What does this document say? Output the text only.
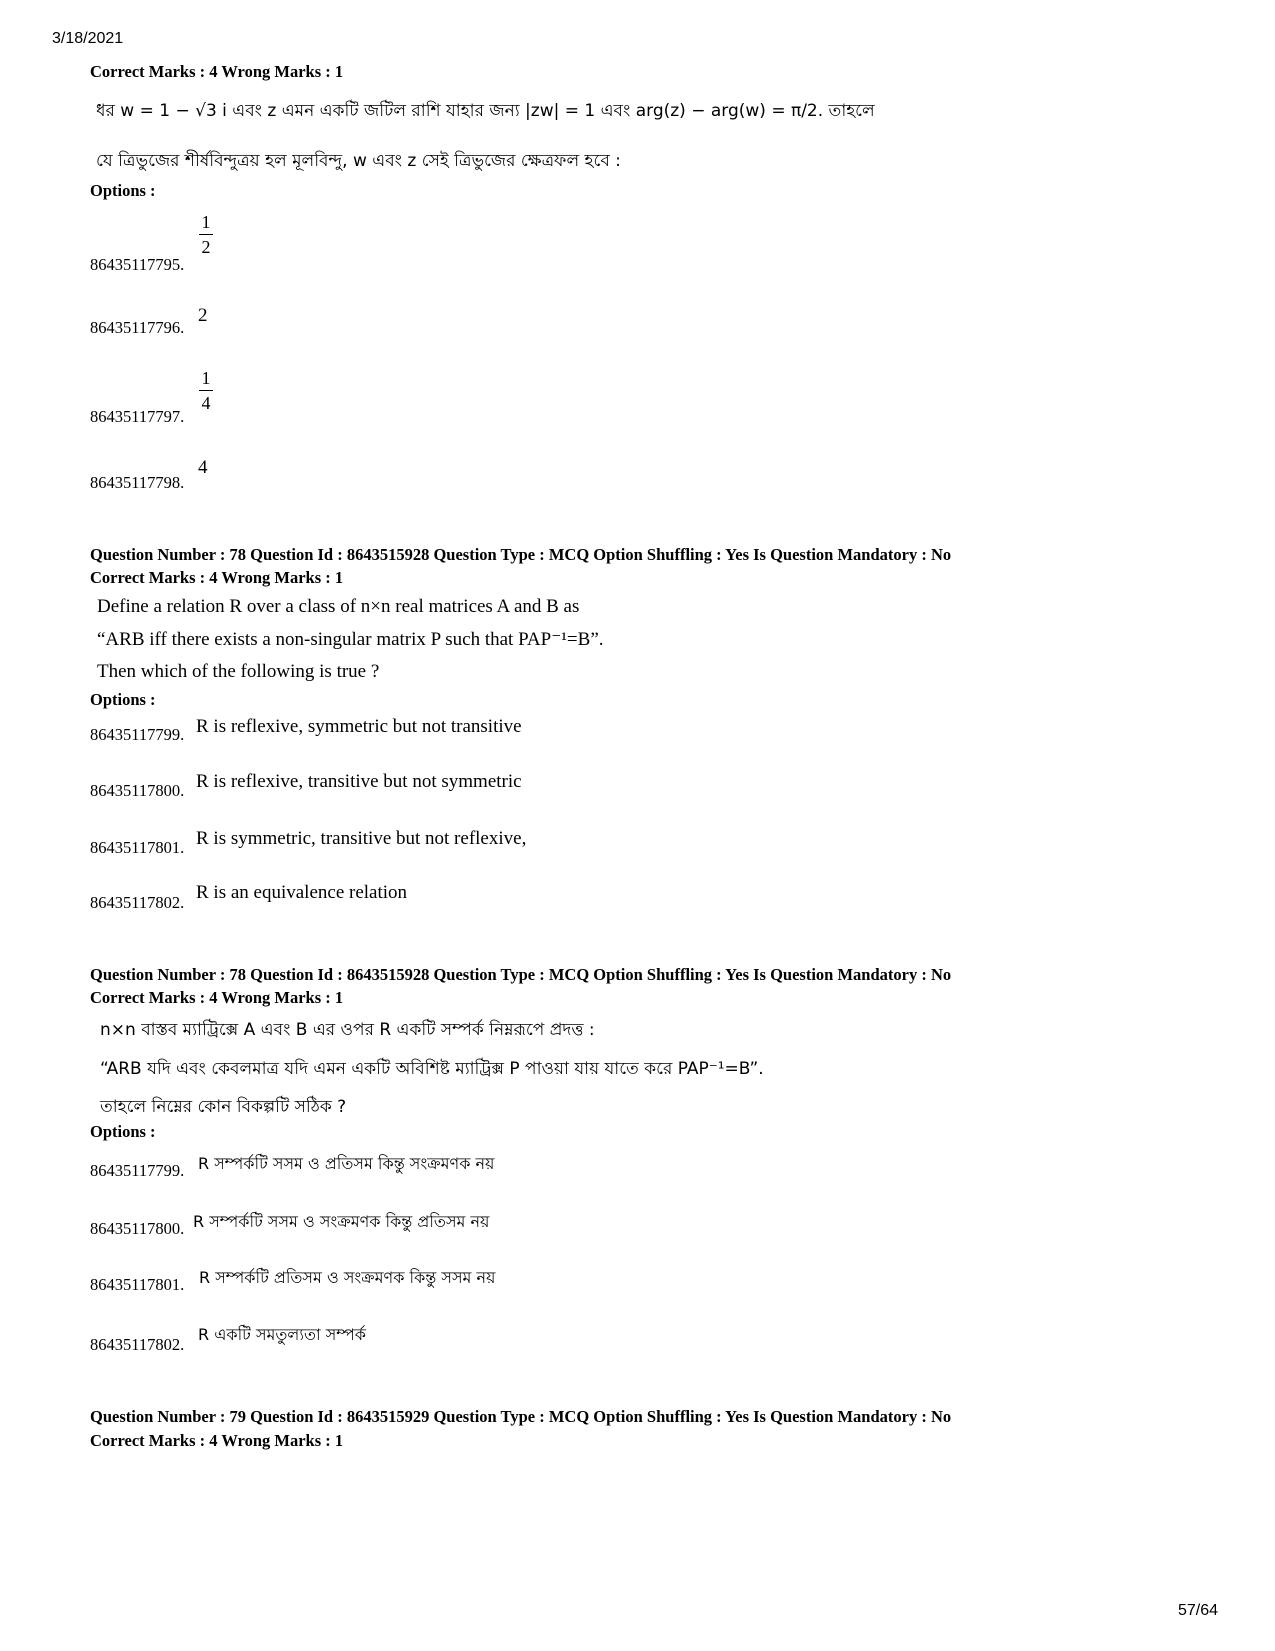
3/18/2021
Correct Marks : 4 Wrong Marks : 1
ধর w = 1 − √3 i এবং z এমন একটি জটিল রাশি যাহার জন্য |zw| = 1 এবং arg(z) − arg(w) = π/2. তাহলে
যে ত্রিভুজের শীর্ষবিন্দুত্রয় হল মূলবিন্দু, w এবং z সেই ত্রিভুজের ক্ষেত্রফল হবে :
Options :
86435117795.
1
2
86435117796.
2
86435117797.
1
4
86435117798.
4
Question Number : 78 Question Id : 8643515928 Question Type : MCQ Option Shuffling : Yes Is Question Mandatory : No
Correct Marks : 4 Wrong Marks : 1
Define a relation R over a class of n×n real matrices A and B as
“ARB iff there exists a non-singular matrix P such that PAP⁻¹=B”.
Then which of the following is true ?
Options :
86435117799. R is reflexive, symmetric but not transitive
86435117800. R is reflexive, transitive but not symmetric
86435117801. R is symmetric, transitive but not reflexive,
86435117802. R is an equivalence relation
Question Number : 78 Question Id : 8643515928 Question Type : MCQ Option Shuffling : Yes Is Question Mandatory : No
Correct Marks : 4 Wrong Marks : 1
n×n বাস্তব ম্যাট্রিক্সে A এবং B এর ওপর R একটি সম্পর্ক নিম্নরূপে প্রদত্ত :
“ARB যদি এবং কেবলমাত্র যদি এমন একটি অবিশিষ্ট ম্যাট্রিক্স P পাওয়া যায় যাতে করে PAP⁻¹=B”.
তাহলে নিম্নের কোন বিকল্পটি সঠিক ?
Options :
86435117799. R সম্পর্কটি সসম ও প্রতিসম কিন্তু সংক্রমণক নয়
86435117800. R সম্পর্কটি সসম ও সংক্রমণক কিন্তু প্রতিসম নয়
86435117801. R সম্পর্কটি প্রতিসম ও সংক্রমণক কিন্তু সসম নয়
86435117802.
R একটি সমতুল্যতা সম্পর্ক
Question Number : 79 Question Id : 8643515929 Question Type : MCQ Option Shuffling : Yes Is Question Mandatory : No
Correct Marks : 4 Wrong Marks : 1
57/64
